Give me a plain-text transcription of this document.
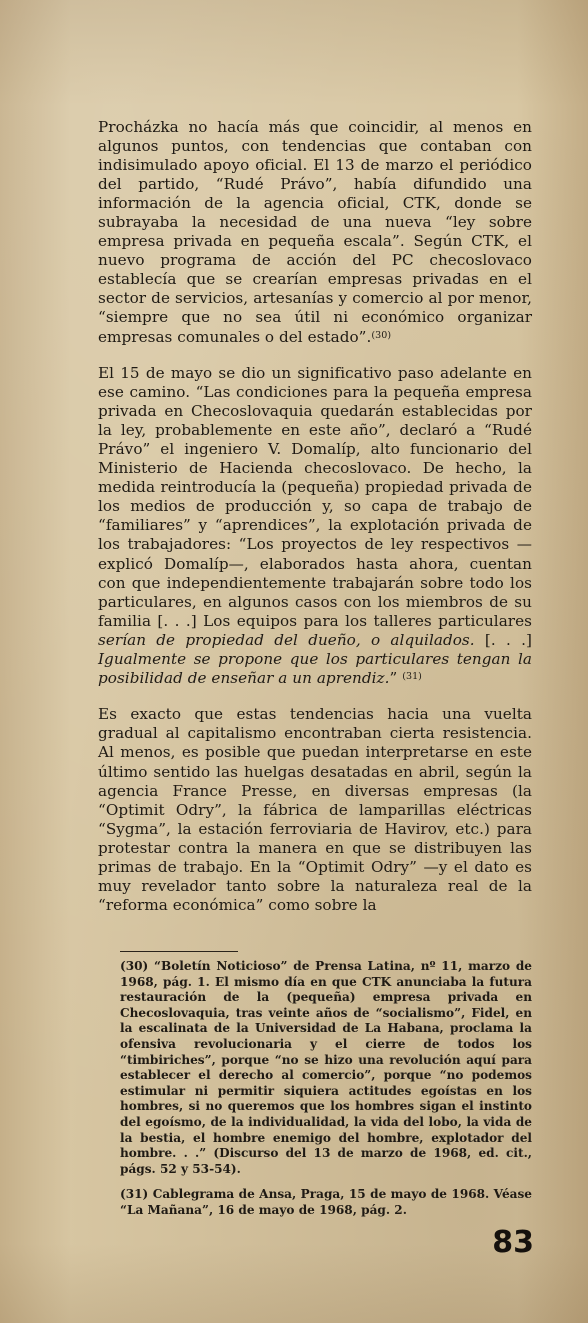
Procházka no hacía más que coincidir, al menos en algunos puntos, con tendencias que contaban con indisimulado apoyo oficial. El 13 de marzo el periódico del partido, “Rudé Právo”, había difundido una información de la agencia oficial, CTK, donde se subrayaba la necesidad de una nueva “ley sobre empresa privada en pequeña escala”. Según CTK, el nuevo programa de acción del PC checoslovaco establecía que se crearían empresas privadas en el sector de servicios, artesanías y comercio al por menor, “siempre que no sea útil ni económico organizar empresas comunales o del estado”.$^{(30)}$

El 15 de mayo se dio un significativo paso adelante en ese camino. “Las condiciones para la pequeña empresa privada en Checoslovaquia quedarán establecidas por la ley, probablemente en este año”, declaró a “Rudé Právo” el ingeniero V. Domalíp, alto funcionario del Ministerio de Hacienda checoslovaco. De hecho, la medida reintroducía la (pequeña) propiedad privada de los medios de producción y, so capa de trabajo de “familiares” y “aprendices”, la explotación privada de los trabajadores: “Los proyectos de ley respectivos —explicó Domalíp—, elaborados hasta ahora, cuentan con que independientemente trabajarán sobre todo los particulares, en algunos casos con los miembros de su familia [. . .] Los equipos para los talleres particulares serían de propiedad del dueño, o alquilados. [. . .] Igualmente se propone que los particulares tengan la posibilidad de enseñar a un aprendiz.” $^{(31)}$

Es exacto que estas tendencias hacia una vuelta gradual al capitalismo encontraban cierta resistencia. Al menos, es posible que puedan interpretarse en este último sentido las huelgas desatadas en abril, según la agencia France Presse, en diversas empresas (la “Optimit Odry”, la fábrica de lamparillas eléctricas “Sygma”, la estación ferroviaria de Havirov, etc.) para protestar contra la manera en que se distribuyen las primas de trabajo. En la “Optimit Odry” —y el dato es muy revelador tanto sobre la naturaleza real de la “reforma económica” como sobre la

(30) “Boletín Noticioso” de Prensa Latina, nº 11, marzo de 1968, pág. 1. El mismo día en que CTK anunciaba la futura restauración de la (pequeña) empresa privada en Checoslovaquia, tras veinte años de “socialismo”, Fidel, en la escalinata de la Universidad de La Habana, proclama la ofensiva revolucionaria y el cierre de todos los “timbiriches”, porque “no se hizo una revolución aquí para establecer el derecho al comercio”, porque “no podemos estimular ni permitir siquiera actitudes egoístas en los hombres, si no queremos que los hombres sigan el instinto del egoísmo, de la individualidad, la vida del lobo, la vida de la bestia, el hombre enemigo del hombre, explotador del hombre. . .” (Discurso del 13 de marzo de 1968, ed. cit., págs. 52 y 53-54).

(31) Cablegrama de Ansa, Praga, 15 de mayo de 1968. Véase “La Mañana”, 16 de mayo de 1968, pág. 2.

83
